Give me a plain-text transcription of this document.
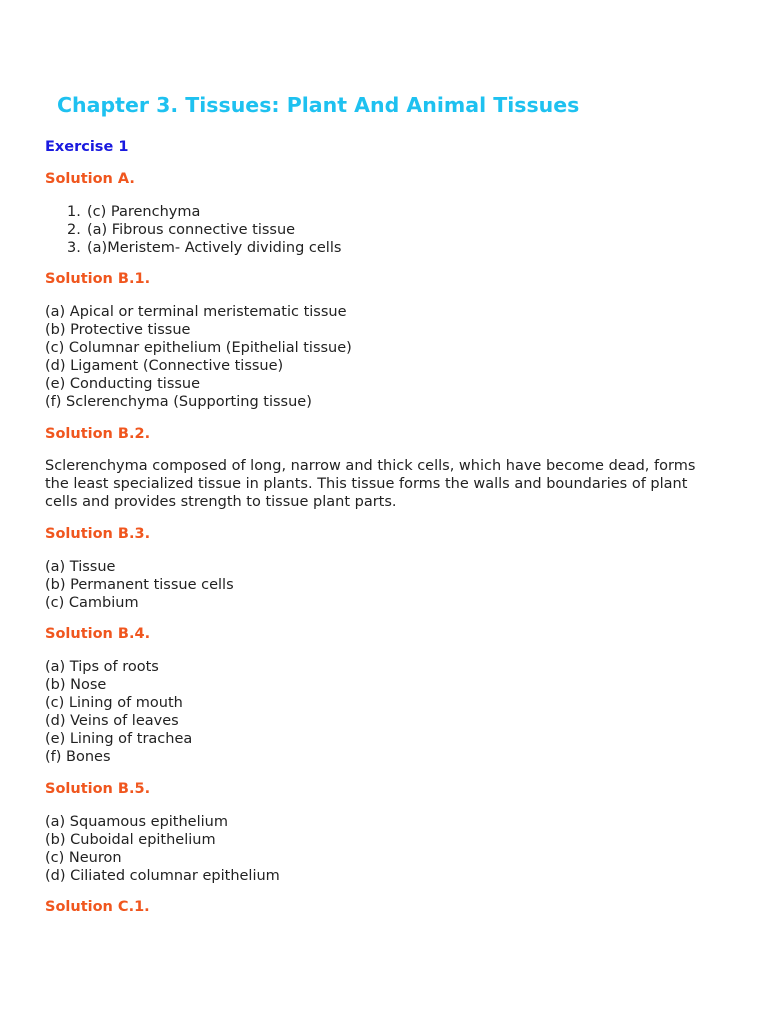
Chapter 3. Tissues: Plant And Animal Tissues
Exercise 1
Solution A.
1. (c) Parenchyma
2. (a) Fibrous connective tissue
3. (a)Meristem- Actively dividing cells
Solution B.1.
(a) Apical or terminal meristematic tissue
(b) Protective tissue
(c) Columnar epithelium (Epithelial tissue)
(d) Ligament (Connective tissue)
(e) Conducting tissue
(f) Sclerenchyma (Supporting tissue)
Solution B.2.
Sclerenchyma composed of long, narrow and thick cells, which have become dead, forms
the least specialized tissue in plants. This tissue forms the walls and boundaries of plant
cells and provides strength to tissue plant parts.
Solution B.3.
(a) Tissue
(b) Permanent tissue cells
(c) Cambium
Solution B.4.
(a) Tips of roots
(b) Nose
(c) Lining of mouth
(d) Veins of leaves
(e) Lining of trachea
(f) Bones
Solution B.5.
(a) Squamous epithelium
(b) Cuboidal epithelium
(c) Neuron
(d) Ciliated columnar epithelium
Solution C.1.
